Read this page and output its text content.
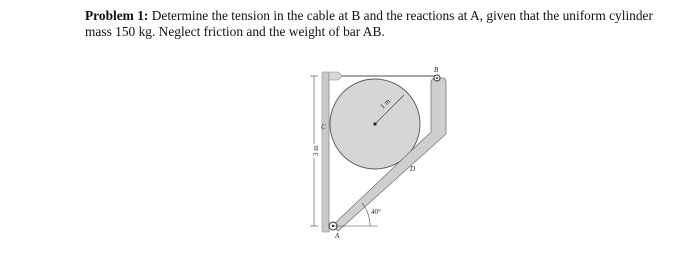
Problem 1: Determine the tension in the cable at B and the reactions at A, given that the uniform cylinder mass 150 kg. Neglect friction and the weight of bar AB.
B
C
D
A
1 m
3 m
40°
